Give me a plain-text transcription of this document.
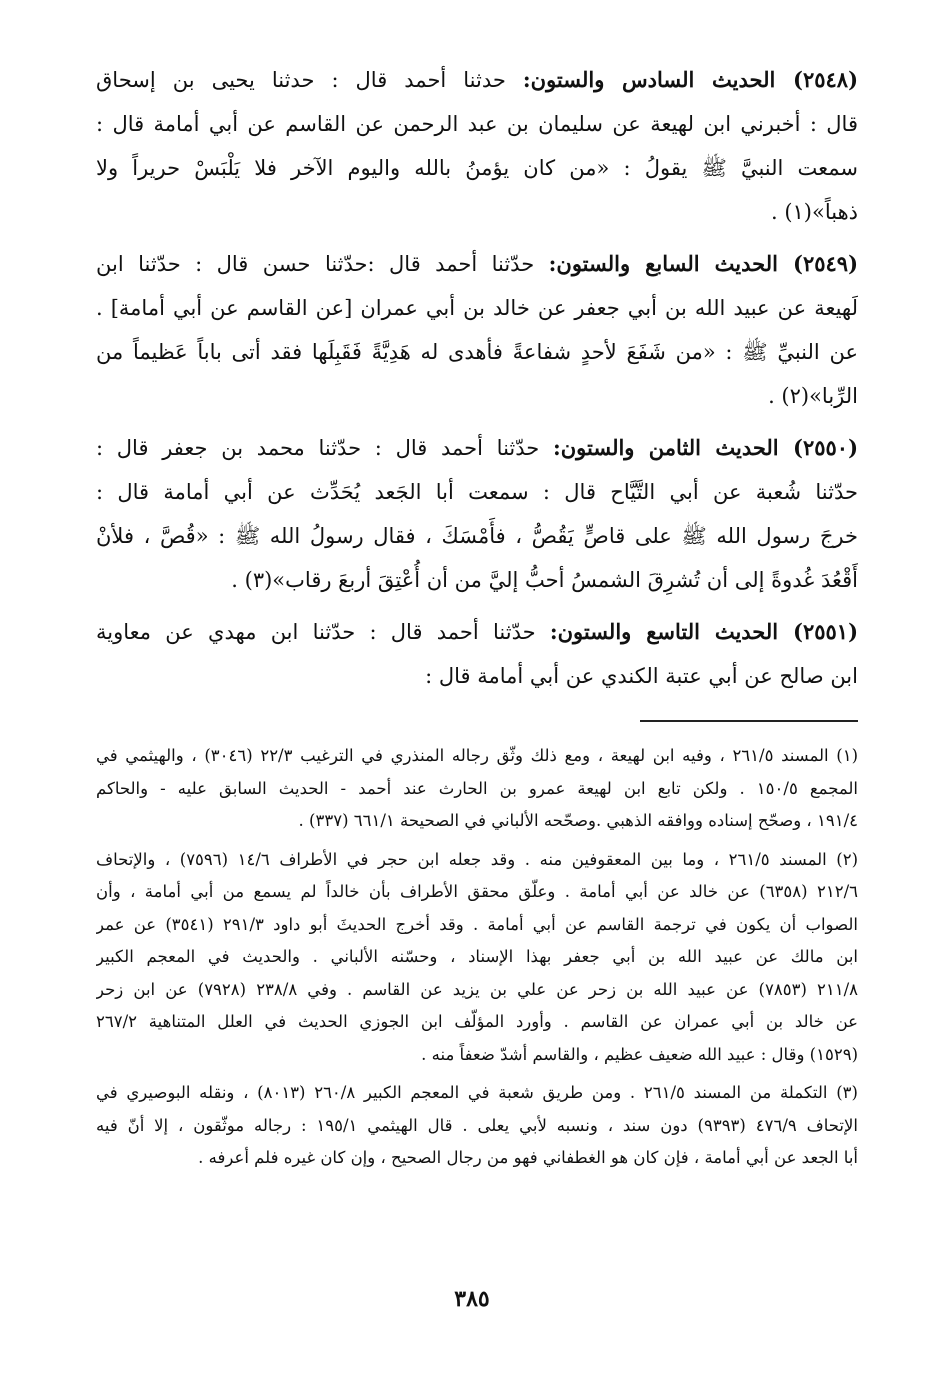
(٢٥٤٨) الحديث السادس والستون: حدثنا أحمد قال : حدثنا يحيى بن إسحاق

قال : أخبرني ابن لهيعة عن سليمان بن عبد الرحمن عن القاسم عن أبي أمامة قال :

سمعت النبيَّ ﷺ يقولُ : «من كان يؤمنُ بالله واليوم الآخر فلا يَلْبَسْ حريراً ولا

ذهباً»(١) .

(٢٥٤٩) الحديث السابع والستون: حدّثنا أحمد قال :حدّثنا حسن قال : حدّثنا ابن

لَهيعة عن عبيد الله بن أبي جعفر عن خالد بن أبي عمران [عن القاسم عن أبي أمامة] .

عن النبيِّ ﷺ : «من شَفَعَ لأحدٍ شفاعةً فأهدى له هَدِيَّةً فَقَبِلَها فقد أتى باباً عَظيماً من

الرِّبا»(٢) .

(٢٥٥٠) الحديث الثامن والستون: حدّثنا أحمد قال : حدّثنا محمد بن جعفر قال :

حدّثنا شُعبة عن أبي التَّيَّاح قال : سمعت أبا الجَعد يُحَدِّث عن أبي أمامة قال :

خرجَ رسول الله ﷺ على قاصٍّ يَقُصُّ ، فأَمْسَكَ ، فقال رسولُ الله ﷺ : «قُصَّ ، فلأنْ

أَقْعُدَ غُدوةً إلى أن تُشرِقَ الشمسُ أحبُّ إليَّ من أن أُعْتِقَ أربعَ رقاب»(٣) .

(٢٥٥١) الحديث التاسع والستون: حدّثنا أحمد قال : حدّثنا ابن مهدي عن معاوية

ابن صالح عن أبي عتبة الكندي عن أبي أمامة قال :

(١) المسند ٢٦١/٥ ، وفيه ابن لهيعة ، ومع ذلك وثّق رجاله المنذري في الترغيب ٢٢/٣ (٣٠٤٦) ، والهيثمي في
المجمع ١٥٠/٥ . ولكن تابع ابن لهيعة عمرو بن الحارث عند أحمد - الحديث السابق عليه - والحاكم
١٩١/٤ ، وصحّح إسناده ووافقه الذهبي .وصحّحه الألباني في الصحيحة ٦٦١/١ (٣٣٧) .
(٢) المسند ٢٦١/٥ ، وما بين المعقوفين منه . وقد جعله ابن حجر في الأطراف ١٤/٦ (٧٥٩٦) ، والإتحاف
٢١٢/٦ (٦٣٥٨) عن خالد عن أبي أمامة . وعلّق محقق الأطراف بأن خالداً لم يسمع من أبي أمامة ، وأن
الصواب أن يكون في ترجمة القاسم عن أبي أمامة . وقد أخرج الحديثَ أبو داود ٢٩١/٣ (٣٥٤١) عن عمر
ابن مالك عن عبيد الله بن أبي جعفر بهذا الإسناد ، وحسّنه الألباني . والحديث في المعجم الكبير
٢١١/٨ (٧٨٥٣) عن عبيد الله بن زحر عن علي بن يزيد عن القاسم . وفي ٢٣٨/٨ (٧٩٢٨) عن ابن زحر
عن خالد بن أبي عمران عن القاسم . وأورد المؤلّف ابن الجوزي الحديث في العلل المتناهية ٢٦٧/٢
(١٥٢٩) وقال : عبيد الله ضعيف عظيم ، والقاسم أشدّ ضعفاً منه .
(٣) التكملة من المسند ٢٦١/٥ . ومن طريق شعبة في المعجم الكبير ٢٦٠/٨ (٨٠١٣) ، ونقله البوصيري في
الإتحاف ٤٧٦/٩ (٩٣٩٣) دون سند ، ونسبه لأبي يعلى . قال الهيثمي ١٩٥/١ : رجاله موثّقون ، إلا أنّ فيه
أبا الجعد عن أبي أمامة ، فإن كان هو الغطفاني فهو من رجال الصحيح ، وإن كان غيره فلم أعرفه .
٣٨٥
